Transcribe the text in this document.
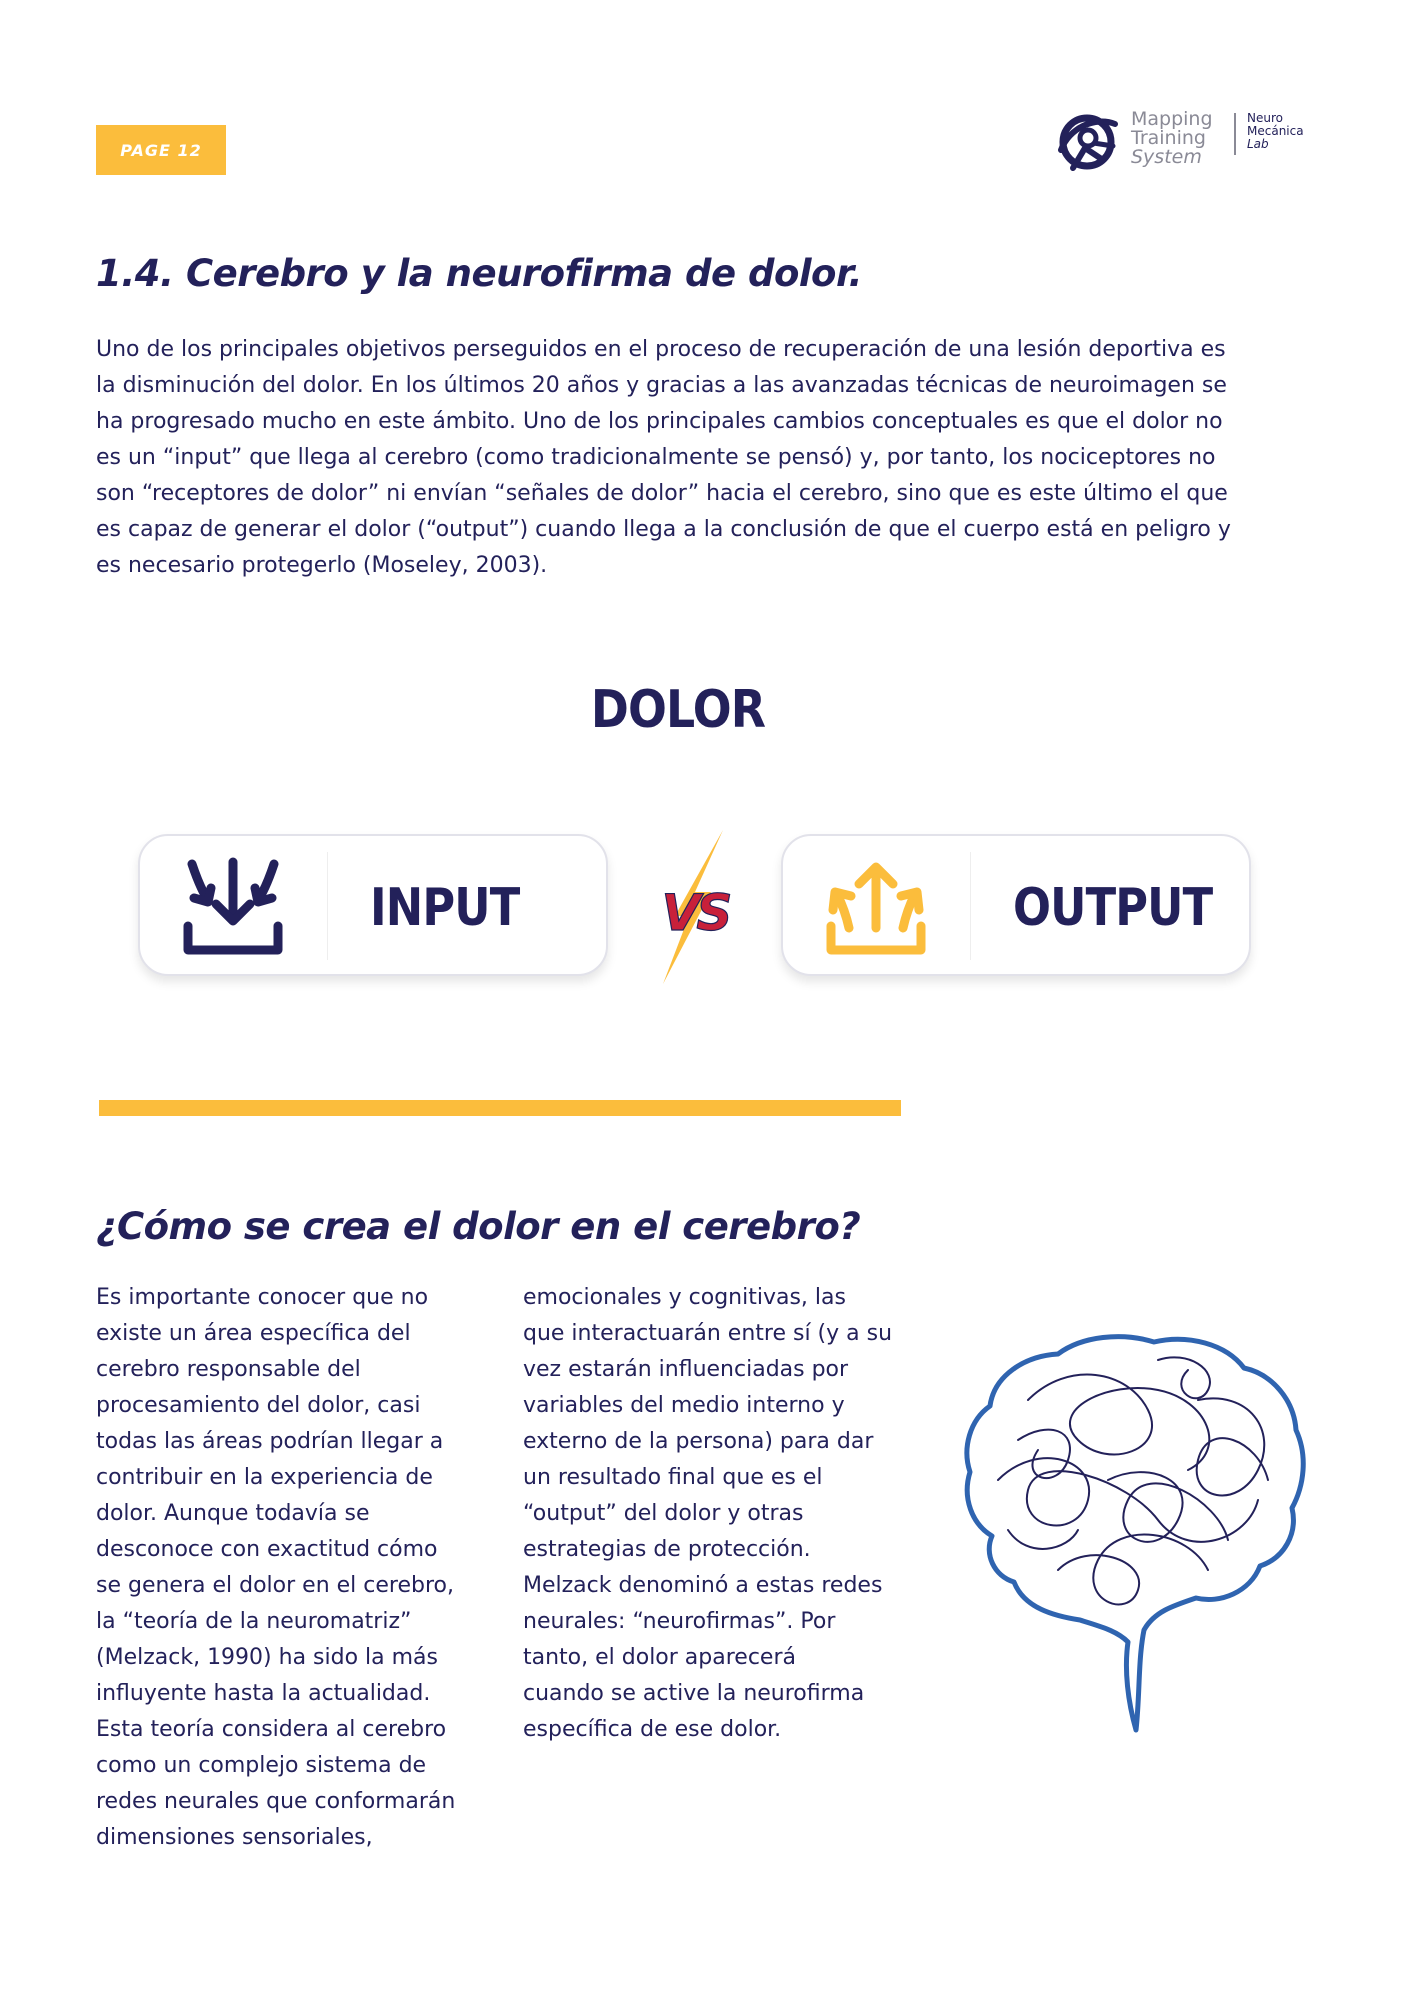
PAGE 12
Mapping
Training
System
Neuro
Mecánica
Lab
1.4. Cerebro y la neurofirma de dolor.

Uno de los principales objetivos perseguidos en el proceso de recuperación de una lesión deportiva es la disminución del dolor. En los últimos 20 años y gracias a las avanzadas técnicas de neuroimagen se ha progresado mucho en este ámbito. Uno de los principales cambios conceptuales es que el dolor no es un “input” que llega al cerebro (como tradicionalmente se pensó) y, por tanto, los nociceptores no son “receptores de dolor” ni envían “señales de dolor” hacia el cerebro, sino que es este último el que es capaz de generar el dolor (“output”) cuando llega a la conclusión de que el cuerpo está en peligro y es necesario protegerlo (Moseley, 2003).

DOLOR
INPUT	VS	OUTPUT
¿Cómo se crea el dolor en el cerebro?

Es importante conocer que no
existe un área específica del
cerebro responsable del
procesamiento del dolor, casi
todas las áreas podrían llegar a
contribuir en la experiencia de
dolor. Aunque todavía se
desconoce con exactitud cómo
se genera el dolor en el cerebro,
la “teoría de la neuromatriz”
(Melzack, 1990) ha sido la más
influyente hasta la actualidad.
Esta teoría considera al cerebro
como un complejo sistema de
redes neurales que conformarán
dimensiones sensoriales,

emocionales y cognitivas, las
que interactuarán entre sí (y a su
vez estarán influenciadas por
variables del medio interno y
externo de la persona) para dar
un resultado final que es el
“output” del dolor y otras
estrategias de protección.
Melzack denominó a estas redes
neurales: “neurofirmas”. Por
tanto, el dolor aparecerá
cuando se active la neurofirma
específica de ese dolor.
